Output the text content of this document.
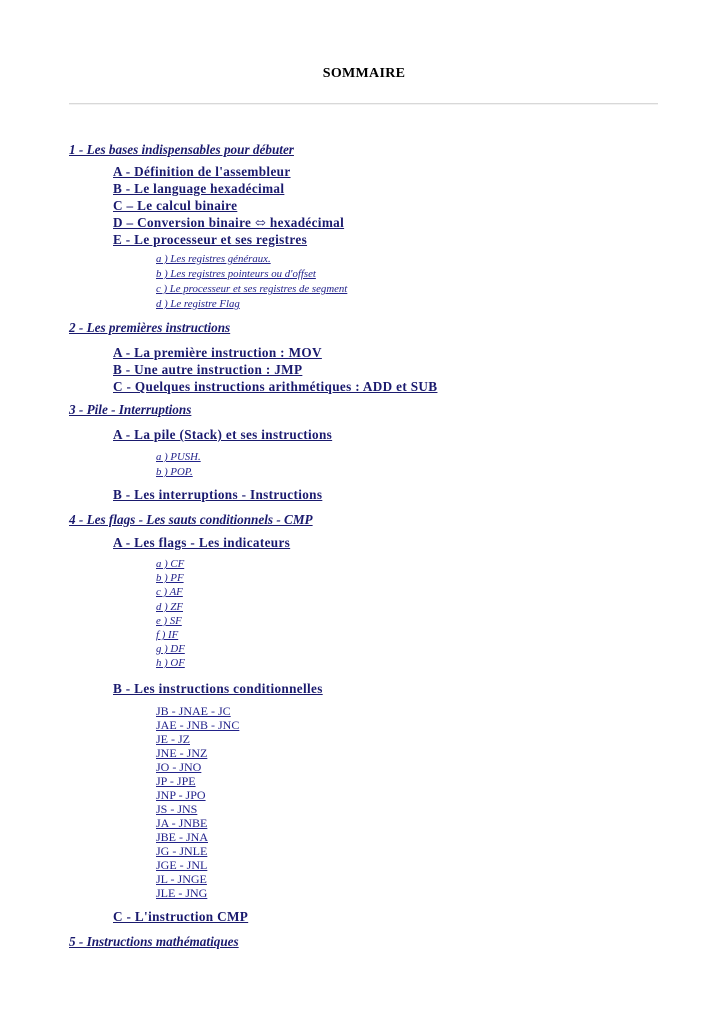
SOMMAIRE
1 - Les bases indispensables pour débuter
A - Définition de l'assembleur
B - Le language hexadécimal
C – Le calcul binaire
D – Conversion binaire ⬄ hexadécimal
E - Le processeur et ses registres
a ) Les registres généraux.
b ) Les registres pointeurs ou d'offset
c ) Le processeur et ses registres de segment
d ) Le registre Flag
2 - Les premières instructions
A - La première instruction : MOV
B - Une autre instruction : JMP
C - Quelques instructions arithmétiques : ADD et SUB
3 - Pile - Interruptions
A - La pile (Stack) et ses instructions
a ) PUSH.
b ) POP.
B - Les interruptions - Instructions
4 - Les flags - Les sauts conditionnels - CMP
A - Les flags - Les indicateurs
a ) CF
b ) PF
c ) AF
d ) ZF
e ) SF
f ) IF
g ) DF
h ) OF
B - Les instructions conditionnelles
JB - JNAE - JC
JAE - JNB - JNC
JE - JZ
JNE - JNZ
JO - JNO
JP - JPE
JNP - JPO
JS - JNS
JA - JNBE
JBE - JNA
JG - JNLE
JGE - JNL
JL - JNGE
JLE - JNG
C - L'instruction CMP
5 - Instructions mathématiques
